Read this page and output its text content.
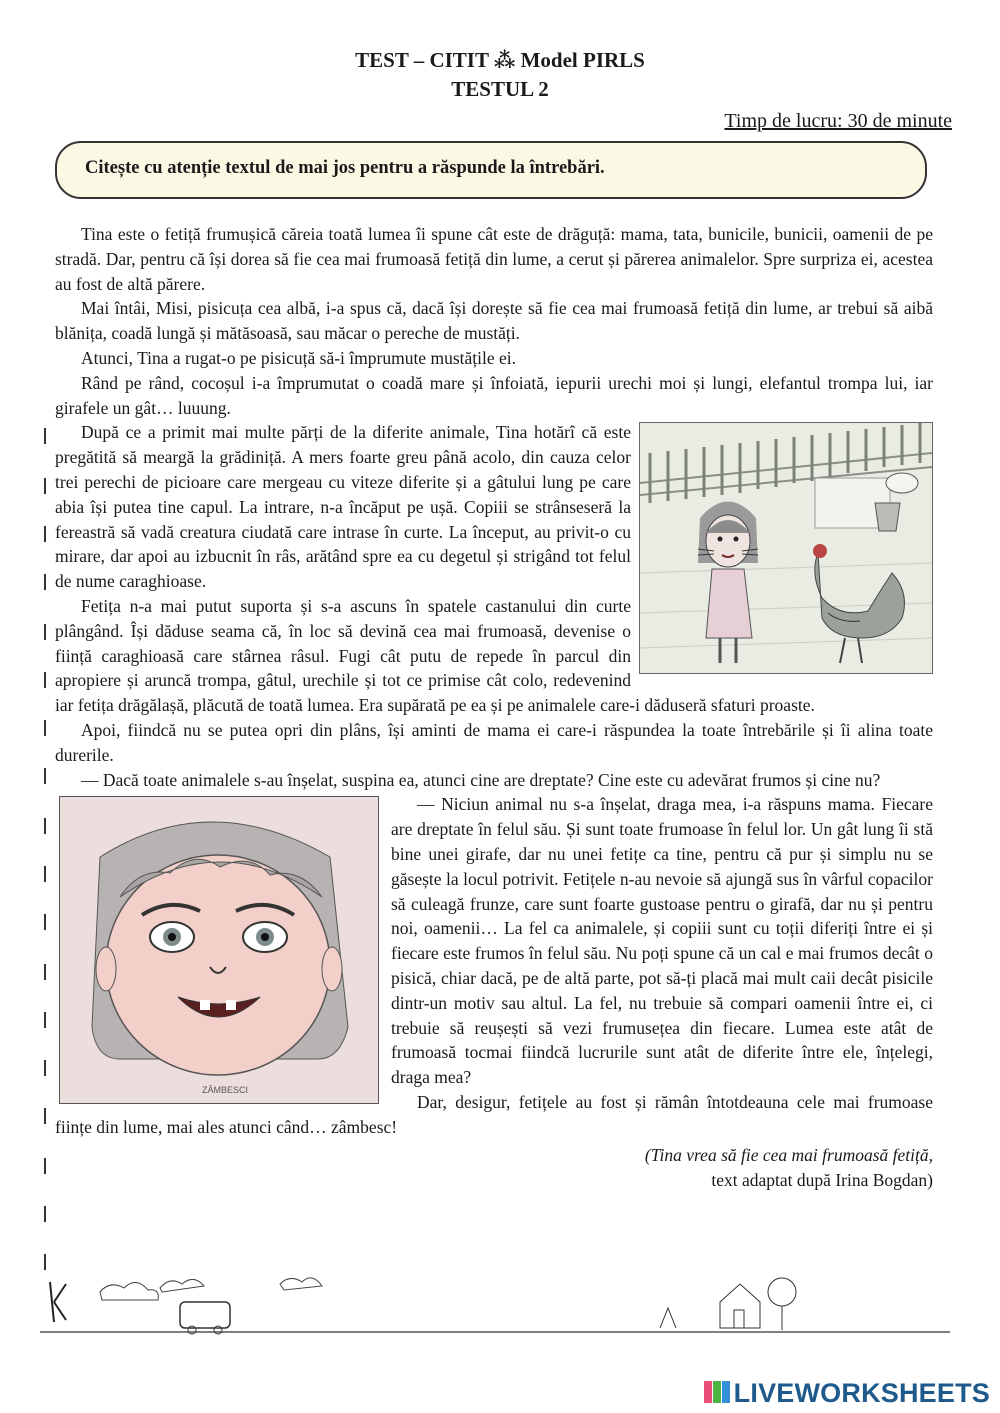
TEST – CITIT ⁂ Model PIRLS
TESTUL 2
Timp de lucru: 30 de minute
Citește cu atenție textul de mai jos pentru a răspunde la întrebări.

Tina este o fetiță frumușică căreia toată lumea îi spune cât este de drăguță: mama, tata, bunicile, bunicii, oamenii de pe stradă. Dar, pentru că își dorea să fie cea mai frumoasă fetiță din lume, a cerut și părerea animalelor. Spre surpriza ei, acestea au fost de altă părere.

Mai întâi, Misi, pisicuța cea albă, i-a spus că, dacă își dorește să fie cea mai frumoasă fetiță din lume, ar trebui să aibă blănița, coadă lungă și mătăsoasă, sau măcar o pereche de mustăți.

Atunci, Tina a rugat-o pe pisicuță să-i împrumute mustățile ei.

Rând pe rând, cocoșul i-a împrumutat o coadă mare și înfoiată, iepurii urechi moi și lungi, elefantul trompa lui, iar girafele un gât… luuung.

După ce a primit mai multe părți de la diferite animale, Tina hotărî că este pregătită să meargă la grădiniță. A mers foarte greu până acolo, din cauza celor trei perechi de picioare care mergeau cu viteze diferite și a gâtului lung pe care abia își putea tine capul. La intrare, n-a încăput pe ușă. Copiii se strânseseră la fereastră să vadă creatura ciudată care intrase în curte. La început, au privit-o cu mirare, dar apoi au izbucnit în râs, arătând spre ea cu degetul și strigând tot felul de nume caraghioase.

Fetița n-a mai putut suporta și s-a ascuns în spatele castanului din curte plângând. Își dăduse seama că, în loc să devină cea mai frumoasă, devenise o ființă caraghioasă care stârnea râsul. Fugi cât putu de repede în parcul din apropiere și aruncă trompa, gâtul, urechile și tot ce primise cât colo, redevenind iar fetița drăgălașă, plăcută de toată lumea. Era supărată pe ea și pe animalele care-i dăduseră sfaturi proaste.

Apoi, fiindcă nu se putea opri din plâns, își aminti de mama ei care-i răspundea la toate întrebările și îi alina toate durerile.

— Dacă toate animalele s-au înșelat, suspina ea, atunci cine are dreptate? Cine este cu adevărat frumos și cine nu?

ZÂMBESCI

— Niciun animal nu s-a înșelat, draga mea, i-a răspuns mama. Fiecare are dreptate în felul său. Și sunt toate frumoase în felul lor. Un gât lung îi stă bine unei girafe, dar nu unei fetițe ca tine, pentru că pur și simplu nu se găsește la locul potrivit. Fetițele n-au nevoie să ajungă sus în vârful copacilor să culeagă frunze, care sunt foarte gustoase pentru o girafă, dar nu și pentru noi, oamenii… La fel ca animalele, și copiii sunt cu toții diferiți între ei și fiecare este frumos în felul său. Nu poți spune că un cal e mai frumos decât o pisică, chiar dacă, pe de altă parte, pot să-ți placă mai mult caii decât pisicile dintr-un motiv sau altul. La fel, nu trebuie să compari oamenii între ei, ci trebuie să reușești să vezi frumusețea din fiecare. Lumea este atât de frumoasă tocmai fiindcă lucrurile sunt atât de diferite între ele, înțelegi, draga mea?

Dar, desigur, fetițele au fost și rămân întotdeauna cele mai frumoase ființe din lume, mai ales atunci când… zâmbesc!

(Tina vrea să fie cea mai frumoasă fetiță,
text adaptat după Irina Bogdan)
LIVEWORKSHEETS
